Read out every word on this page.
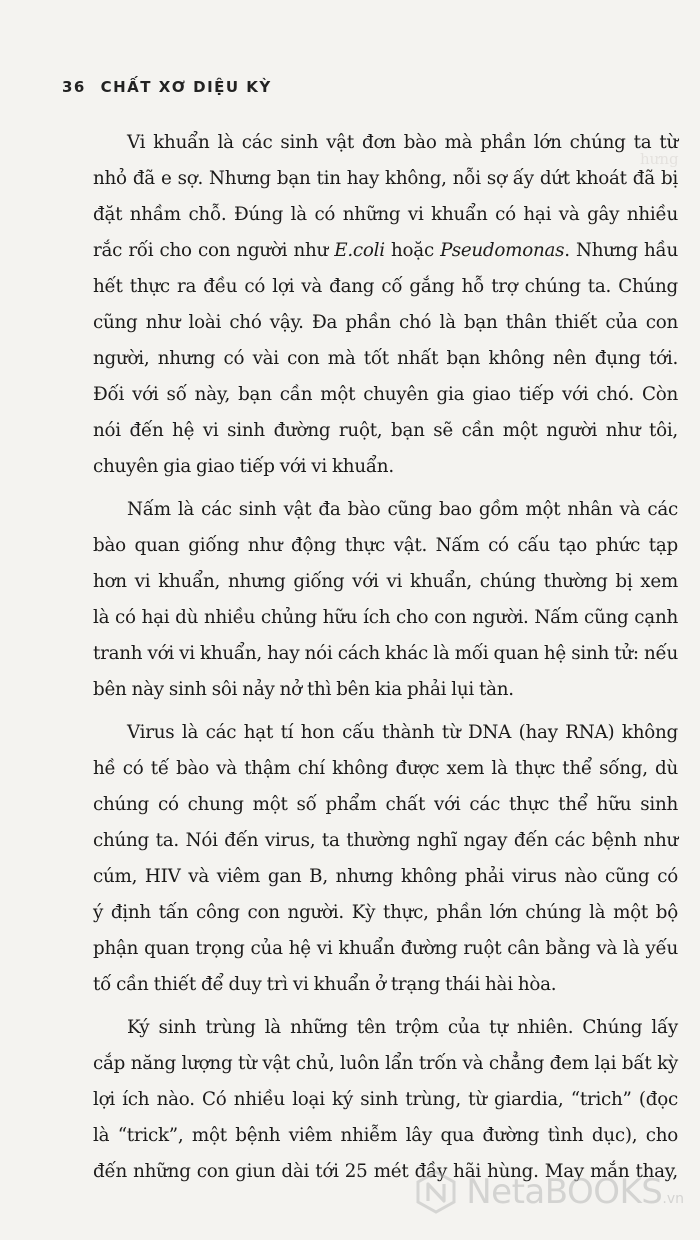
hưng
36 CHẤT XƠ DIỆU KỲ
Vi khuẩn là các sinh vật đơn bào mà phần lớn chúng ta từ
nhỏ đã e sợ. Nhưng bạn tin hay không, nỗi sợ ấy dứt khoát đã bị
đặt nhầm chỗ. Đúng là có những vi khuẩn có hại và gây nhiều
rắc rối cho con người như E.coli hoặc Pseudomonas. Nhưng hầu
hết thực ra đều có lợi và đang cố gắng hỗ trợ chúng ta. Chúng
cũng như loài chó vậy. Đa phần chó là bạn thân thiết của con
người, nhưng có vài con mà tốt nhất bạn không nên đụng tới.
Đối với số này, bạn cần một chuyên gia giao tiếp với chó. Còn
nói đến hệ vi sinh đường ruột, bạn sẽ cần một người như tôi,
chuyên gia giao tiếp với vi khuẩn.
Nấm là các sinh vật đa bào cũng bao gồm một nhân và các
bào quan giống như động thực vật. Nấm có cấu tạo phức tạp
hơn vi khuẩn, nhưng giống với vi khuẩn, chúng thường bị xem
là có hại dù nhiều chủng hữu ích cho con người. Nấm cũng cạnh
tranh với vi khuẩn, hay nói cách khác là mối quan hệ sinh tử: nếu
bên này sinh sôi nảy nở thì bên kia phải lụi tàn.
Virus là các hạt tí hon cấu thành từ DNA (hay RNA) không
hề có tế bào và thậm chí không được xem là thực thể sống, dù
chúng có chung một số phẩm chất với các thực thể hữu sinh
chúng ta. Nói đến virus, ta thường nghĩ ngay đến các bệnh như
cúm, HIV và viêm gan B, nhưng không phải virus nào cũng có
ý định tấn công con người. Kỳ thực, phần lớn chúng là một bộ
phận quan trọng của hệ vi khuẩn đường ruột cân bằng và là yếu
tố cần thiết để duy trì vi khuẩn ở trạng thái hài hòa.
Ký sinh trùng là những tên trộm của tự nhiên. Chúng lấy
cắp năng lượng từ vật chủ, luôn lẩn trốn và chẳng đem lại bất kỳ
lợi ích nào. Có nhiều loại ký sinh trùng, từ giardia, “trich” (đọc
là “trick”, một bệnh viêm nhiễm lây qua đường tình dục), cho
đến những con giun dài tới 25 mét đầy hãi hùng. May mắn thay,
NetaBOOKS.vn
